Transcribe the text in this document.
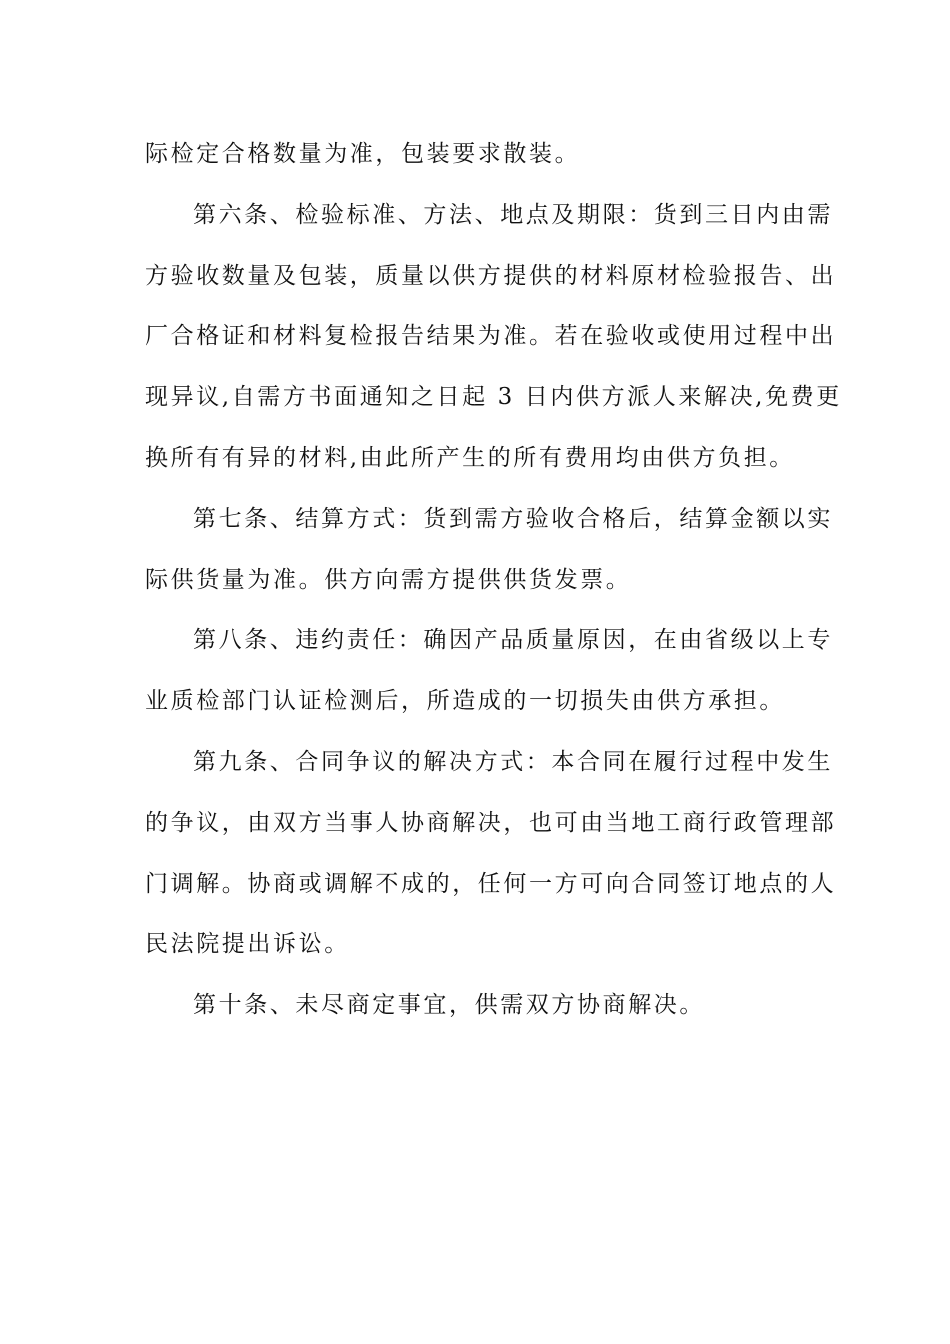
际检定合格数量为准，包装要求散装。
第六条、检验标准、方法、地点及期限：货到三日内由需
方验收数量及包装，质量以供方提供的材料原材检验报告、出
厂合格证和材料复检报告结果为准。若在验收或使用过程中出
现异议,自需方书面通知之日起 3 日内供方派人来解决,免费更
换所有有异的材料,由此所产生的所有费用均由供方负担。
第七条、结算方式：货到需方验收合格后，结算金额以实
际供货量为准。供方向需方提供供货发票。
第八条、违约责任：确因产品质量原因，在由省级以上专
业质检部门认证检测后，所造成的一切损失由供方承担。
第九条、合同争议的解决方式：本合同在履行过程中发生
的争议，由双方当事人协商解决，也可由当地工商行政管理部
门调解。协商或调解不成的，任何一方可向合同签订地点的人
民法院提出诉讼。
第十条、未尽商定事宜，供需双方协商解决。
